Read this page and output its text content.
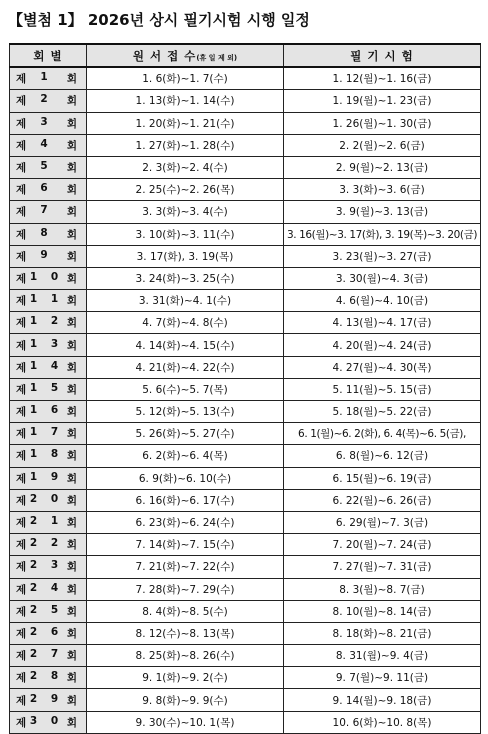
【별첨 1】 2026년 상시 필기시험 시행 일정
회 별	원 서 접 수(휴 일 제 외)	필 기 시 험

제 1 회	1. 6(화)~1. 7(수)	1. 12(월)~1. 16(금)

제 2 회	1. 13(화)~1. 14(수)	1. 19(월)~1. 23(금)

제 3 회	1. 20(화)~1. 21(수)	1. 26(월)~1. 30(금)

제 4 회	1. 27(화)~1. 28(수)	2. 2(월)~2. 6(금)

제 5 회	2. 3(화)~2. 4(수)	2. 9(월)~2. 13(금)

제 6 회	2. 25(수)~2. 26(목)	3. 3(화)~3. 6(금)

제 7 회	3. 3(화)~3. 4(수)	3. 9(월)~3. 13(금)

제 8 회	3. 10(화)~3. 11(수)	3. 16(월)~3. 17(화), 3. 19(목)~3. 20(금)

제 9 회	3. 17(화), 3. 19(목)	3. 23(월)~3. 27(금)

제 1 0 회	3. 24(화)~3. 25(수)	3. 30(월)~4. 3(금)

제 1 1 회	3. 31(화)~4. 1(수)	4. 6(월)~4. 10(금)

제 1 2 회	4. 7(화)~4. 8(수)	4. 13(월)~4. 17(금)

제 1 3 회	4. 14(화)~4. 15(수)	4. 20(월)~4. 24(금)

제 1 4 회	4. 21(화)~4. 22(수)	4. 27(월)~4. 30(목)

제 1 5 회	5. 6(수)~5. 7(목)	5. 11(월)~5. 15(금)

제 1 6 회	5. 12(화)~5. 13(수)	5. 18(월)~5. 22(금)

제 1 7 회	5. 26(화)~5. 27(수)	6. 1(월)~6. 2(화), 6. 4(목)~6. 5(금),

제 1 8 회	6. 2(화)~6. 4(목)	6. 8(월)~6. 12(금)

제 1 9 회	6. 9(화)~6. 10(수)	6. 15(월)~6. 19(금)

제 2 0 회	6. 16(화)~6. 17(수)	6. 22(월)~6. 26(금)

제 2 1 회	6. 23(화)~6. 24(수)	6. 29(월)~7. 3(금)

제 2 2 회	7. 14(화)~7. 15(수)	7. 20(월)~7. 24(금)

제 2 3 회	7. 21(화)~7. 22(수)	7. 27(월)~7. 31(금)

제 2 4 회	7. 28(화)~7. 29(수)	8. 3(월)~8. 7(금)

제 2 5 회	8. 4(화)~8. 5(수)	8. 10(월)~8. 14(금)

제 2 6 회	8. 12(수)~8. 13(목)	8. 18(화)~8. 21(금)

제 2 7 회	8. 25(화)~8. 26(수)	8. 31(월)~9. 4(금)

제 2 8 회	9. 1(화)~9. 2(수)	9. 7(월)~9. 11(금)

제 2 9 회	9. 8(화)~9. 9(수)	9. 14(월)~9. 18(금)

제 3 0 회	9. 30(수)~10. 1(목)	10. 6(화)~10. 8(목)
